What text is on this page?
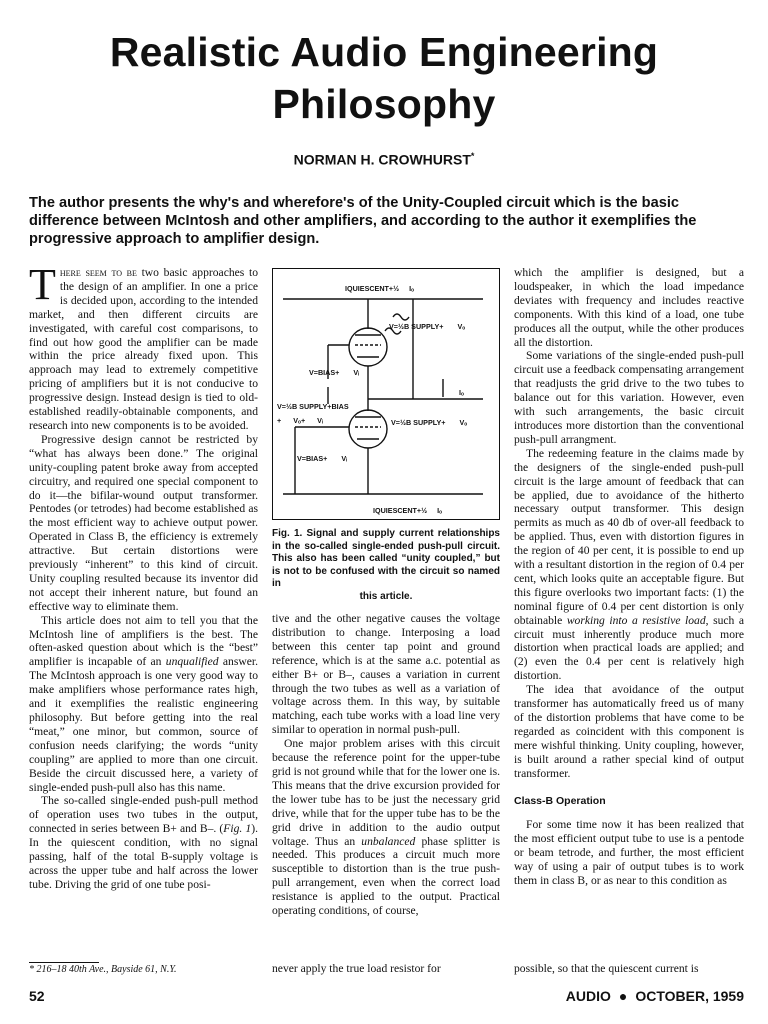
Realistic Audio Engineering
Philosophy
NORMAN H. CROWHURST*
The author presents the why's and wherefore's of the Unity-Coupled circuit which is the basic difference between McIntosh and other amplifiers, and according to the author it exemplifies the progressive approach to amplifier design.

There seem to be two basic approaches to the design of an amplifier. In one a price is decided upon, according to the intended market, and then different circuits are investigated, with careful cost comparisons, to find out how good the amplifier can be made within the price already fixed upon. This approach may lead to extremely competitive pricing of amplifiers but it is not conducive to progressive design. Instead design is tied to old-established readily-obtainable components, and research into new components is to be avoided.

Progressive design cannot be restricted by “what has always been done.” The original unity-coupling patent broke away from accepted circuitry, and required one special component to do it—the bifilar-wound output transformer. Pentodes (or tetrodes) had become established as the most efficient way to achieve output power. Operated in Class B, the efficiency is extremely attractive. But certain distortions were previously “inherent” to this kind of circuit. Unity coupling resulted because its inventor did not accept their inherent nature, but found an effective way to eliminate them.

This article does not aim to tell you that the McIntosh line of amplifiers is the best. The often-asked question about which is the “best” amplifier is incapable of an unqualified answer. The McIntosh approach is one very good way to make amplifiers whose performance rates high, and it exemplifies the realistic engineering philosophy. But before getting into the real “meat,” one minor, but common, source of confusion needs clarifying; the words “unity coupling” are applied to more than one circuit. Beside the circuit discussed here, a variety of single-ended push-pull also has this name.

The so-called single-ended push-pull method of operation uses two tubes in the output, connected in series between B+ and B–. (Fig. 1). In the quiescent condition, with no signal passing, half of the total B-supply voltage is across the upper tube and half across the lower tube. Driving the grid of one tube posi-

* 216–18 40th Ave., Bayside 61, N.Y.
IQUIESCENT+½ Iₒ
V=½B SUPPLY+ Vₒ
V=BIAS+ Vᵢ
Iₒ
V=½B SUPPLY+BIAS
+ Vₒ+ Vᵢ	V=½B SUPPLY+ Vₒ
V=BIAS+ Vᵢ
IQUIESCENT+½ Iₒ
Fig. 1. Signal and supply current relationships in the so-called single-ended push-pull circuit. This also has been called “unity coupled,” but is not to be confused with the circuit so named in
this article.

tive and the other negative causes the voltage distribution to change. Interposing a load between this center tap point and ground reference, which is at the same a.c. potential as either B+ or B–, causes a variation in current through the two tubes as well as a variation of voltage across them. In this way, by suitable matching, each tube works with a load line very similar to operation in normal push-pull.

One major problem arises with this circuit because the reference point for the upper-tube grid is not ground while that for the lower one is. This means that the drive excursion provided for the lower tube has to be just the necessary grid drive, while that for the upper tube has to be the grid drive in addition to the audio output voltage. Thus an unbalanced phase splitter is needed. This produces a circuit much more susceptible to distortion than is the true push-pull arrangement, even when the correct load resistance is applied to the output. Practical operating conditions, of course,

never apply the true load resistor for

which the amplifier is designed, but a loudspeaker, in which the load impedance deviates with frequency and includes reactive components. With this kind of a load, one tube produces all the output, while the other produces all the distortion.

Some variations of the single-ended push-pull circuit use a feedback compensating arrangement that readjusts the grid drive to the two tubes to balance out for this variation. However, even with such arrangements, the basic circuit introduces more distortion than the conventional push-pull arrangment.

The redeeming feature in the claims made by the designers of the single-ended push-pull circuit is the large amount of feedback that can be applied, due to avoidance of the hitherto necessary output transformer. This design permits as much as 40 db of over-all feedback to be applied. Thus, even with distortion figures in the region of 40 per cent, it is possible to end up with a resultant distortion in the region of 0.4 per cent, which looks quite an acceptable figure. But this figure overlooks two important facts: (1) the nominal figure of 0.4 per cent distortion is only obtainable working into a resistive load, such a circuit must inherently produce much more distortion when practical loads are applied; and (2) even the 0.4 per cent is relatively high distortion.

The idea that avoidance of the output transformer has automatically freed us of many of the distortion problems that have come to be regarded as coincident with this component is mere wishful thinking. Unity coupling, however, is built around a rather special kind of output transformer.

Class-B Operation

For some time now it has been realized that the most efficient output tube to use is a pentode or beam tetrode, and further, the most efficient way of using a pair of output tubes is to work them in class B, or as near to this condition as

possible, so that the quiescent current is
52	AUDIO ● OCTOBER, 1959
